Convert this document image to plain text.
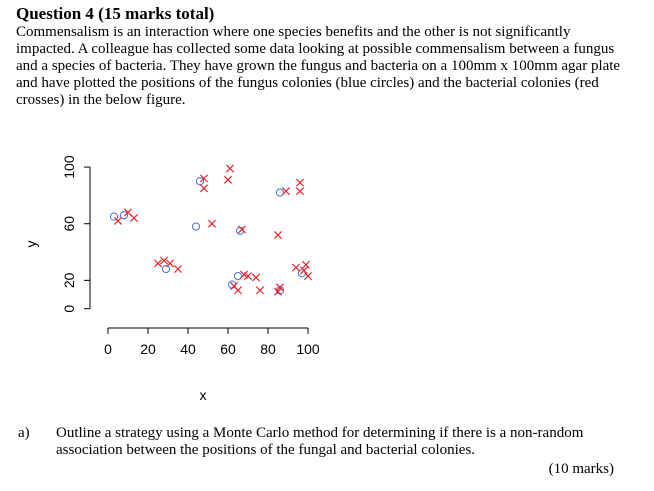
Question 4 (15 marks total)

Commensalism is an interaction where one species benefits and the other is not significantly impacted. A colleague has collected some data looking at possible commensalism between a fungus and a species of bacteria. They have grown the fungus and bacteria on a 100mm x 100mm agar plate and have plotted the positions of the fungus colonies (blue circles) and the bacterial colonies (red crosses) in the below figure.

0 20 40 60 80 100
0
20
60
100
x
y
a) Outline a strategy using a Monte Carlo method for determining if there is a non-random association between the positions of the fungal and bacterial colonies.

(10 marks)
